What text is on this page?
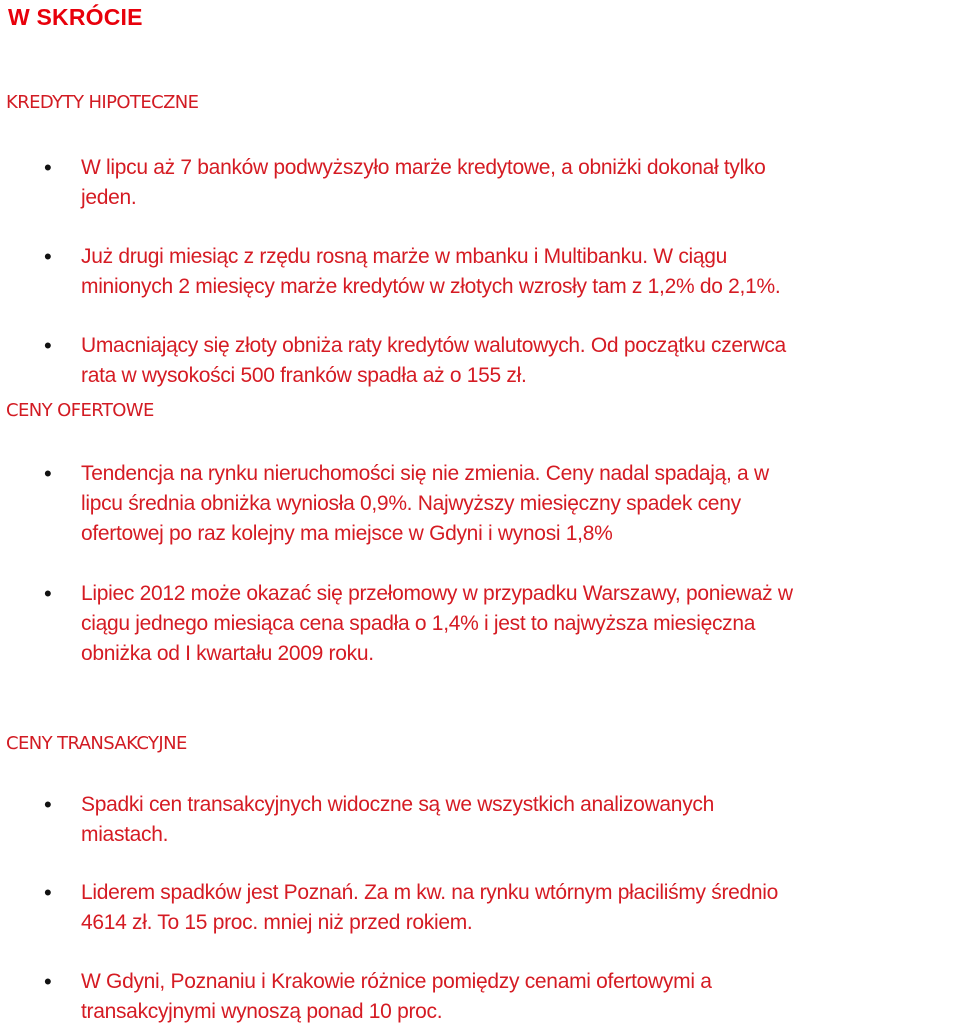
W SKRÓCIE
KREDYTY HIPOTECZNE
• W lipcu aż 7 banków podwyższyło marże kredytowe, a obniżki dokonał tylko
jeden.
• Już drugi miesiąc z rzędu rosną marże w mbanku i Multibanku. W ciągu
minionych 2 miesięcy marże kredytów w złotych wzrosły tam z 1,2% do 2,1%.
• Umacniający się złoty obniża raty kredytów walutowych. Od początku czerwca
rata w wysokości 500 franków spadła aż o 155 zł.
CENY OFERTOWE
• Tendencja na rynku nieruchomości się nie zmienia. Ceny nadal spadają, a w
lipcu średnia obniżka wyniosła 0,9%. Najwyższy miesięczny spadek ceny
ofertowej po raz kolejny ma miejsce w Gdyni i wynosi 1,8%
• Lipiec 2012 może okazać się przełomowy w przypadku Warszawy, ponieważ w
ciągu jednego miesiąca cena spadła o 1,4% i jest to najwyższa miesięczna
obniżka od I kwartału 2009 roku.
CENY TRANSAKCYJNE
• Spadki cen transakcyjnych widoczne są we wszystkich analizowanych
miastach.
• Liderem spadków jest Poznań. Za m kw. na rynku wtórnym płaciliśmy średnio
4614 zł. To 15 proc. mniej niż przed rokiem.
• W Gdyni, Poznaniu i Krakowie różnice pomiędzy cenami ofertowymi a
transakcyjnymi wynoszą ponad 10 proc.
